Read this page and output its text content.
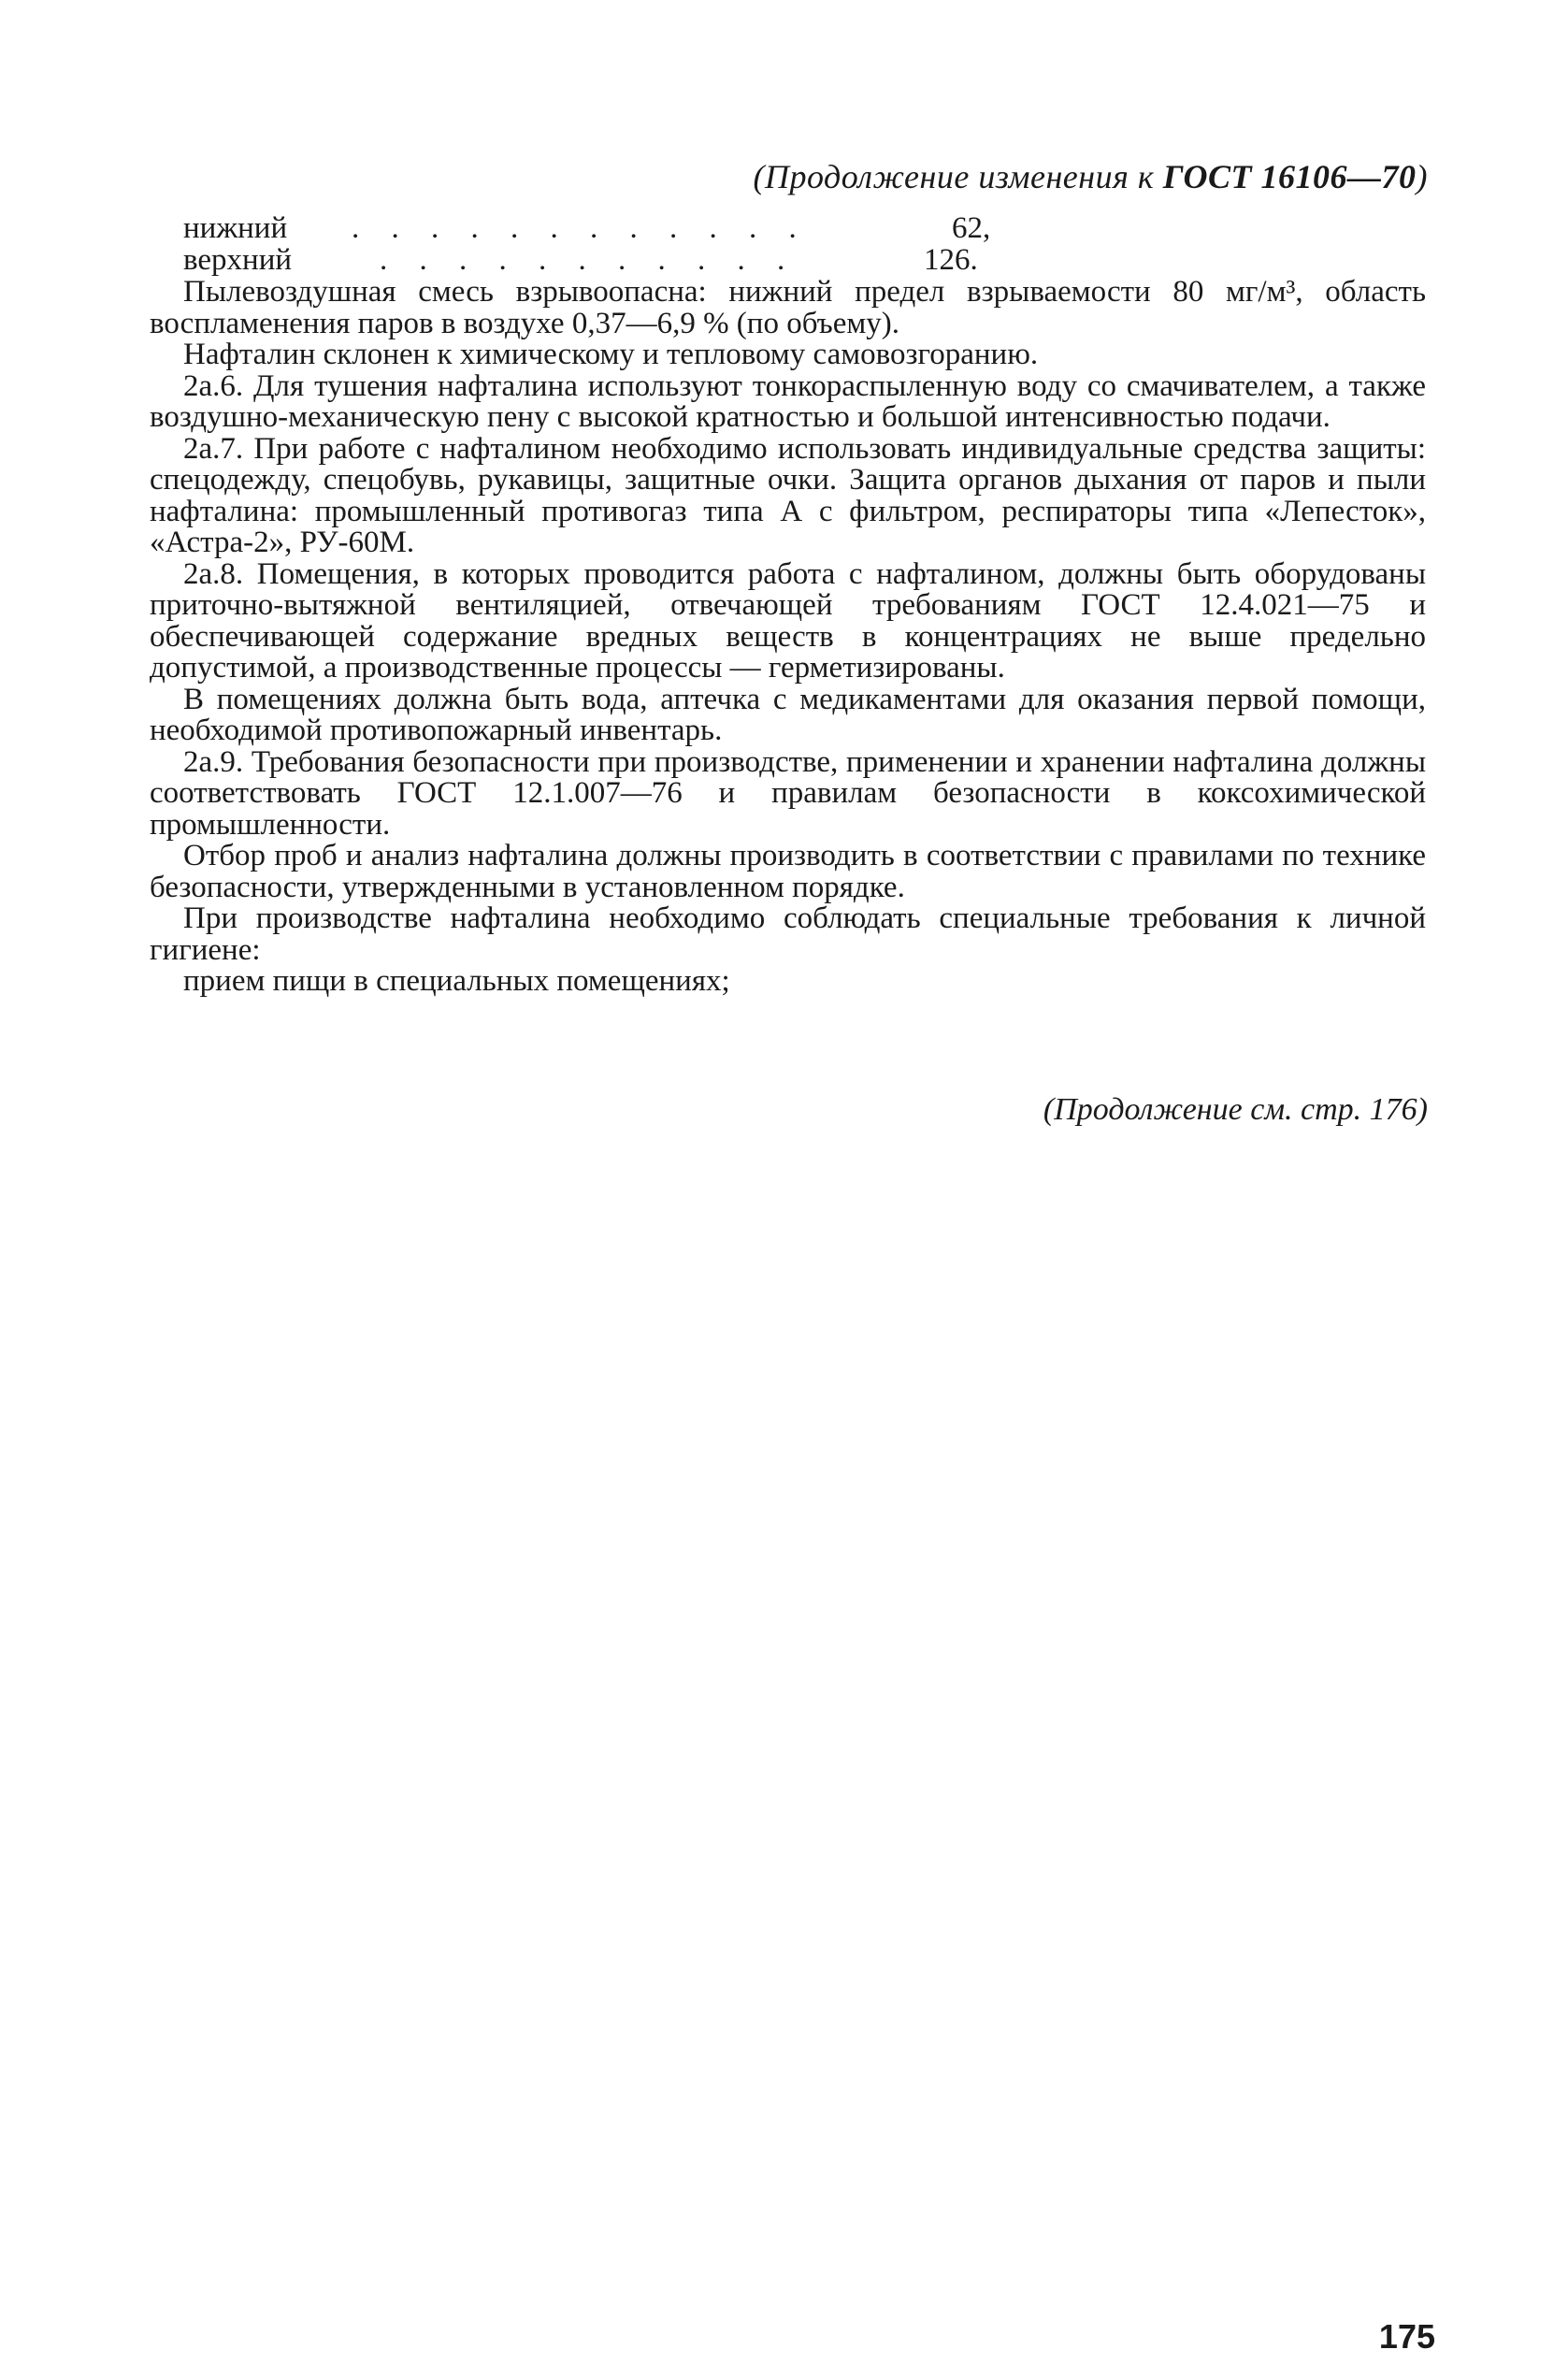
(Продолжение изменения к ГОСТ 16106—70)
нижний . . . . . . . . . . . .	62,
верхний	. . . . . . . . . . .	126.

Пылевоздушная смесь взрывоопасна: нижний предел взрываемости 80 мг/м³, область воспламенения паров в воздухе 0,37—6,9 % (по объему).

Нафталин склонен к химическому и тепловому самовозгоранию.

2а.6. Для тушения нафталина используют тонкораспыленную воду со смачивателем, а также воздушно-механическую пену с высокой кратностью и большой интенсивностью подачи.

2а.7. При работе с нафталином необходимо использовать индивидуальные средства защиты: спецодежду, спецобувь, рукавицы, защитные очки. Защита органов дыхания от паров и пыли нафталина: промышленный противогаз типа А с фильтром, респираторы типа «Лепесток», «Астра-2», РУ-60М.

2а.8. Помещения, в которых проводится работа с нафталином, должны быть оборудованы приточно-вытяжной вентиляцией, отвечающей требованиям ГОСТ 12.4.021—75 и обеспечивающей содержание вредных веществ в концентрациях не выше предельно допустимой, а производственные процессы — герметизированы.

В помещениях должна быть вода, аптечка с медикаментами для оказания первой помощи, необходимой противопожарный инвентарь.

2а.9. Требования безопасности при производстве, применении и хранении нафталина должны соответствовать ГОСТ 12.1.007—76 и правилам безопасности в коксохимической промышленности.

Отбор проб и анализ нафталина должны производить в соответствии с правилами по технике безопасности, утвержденными в установленном порядке.

При производстве нафталина необходимо соблюдать специальные требования к личной гигиене:

прием пищи в специальных помещениях;

(Продолжение см. стр. 176)
175
